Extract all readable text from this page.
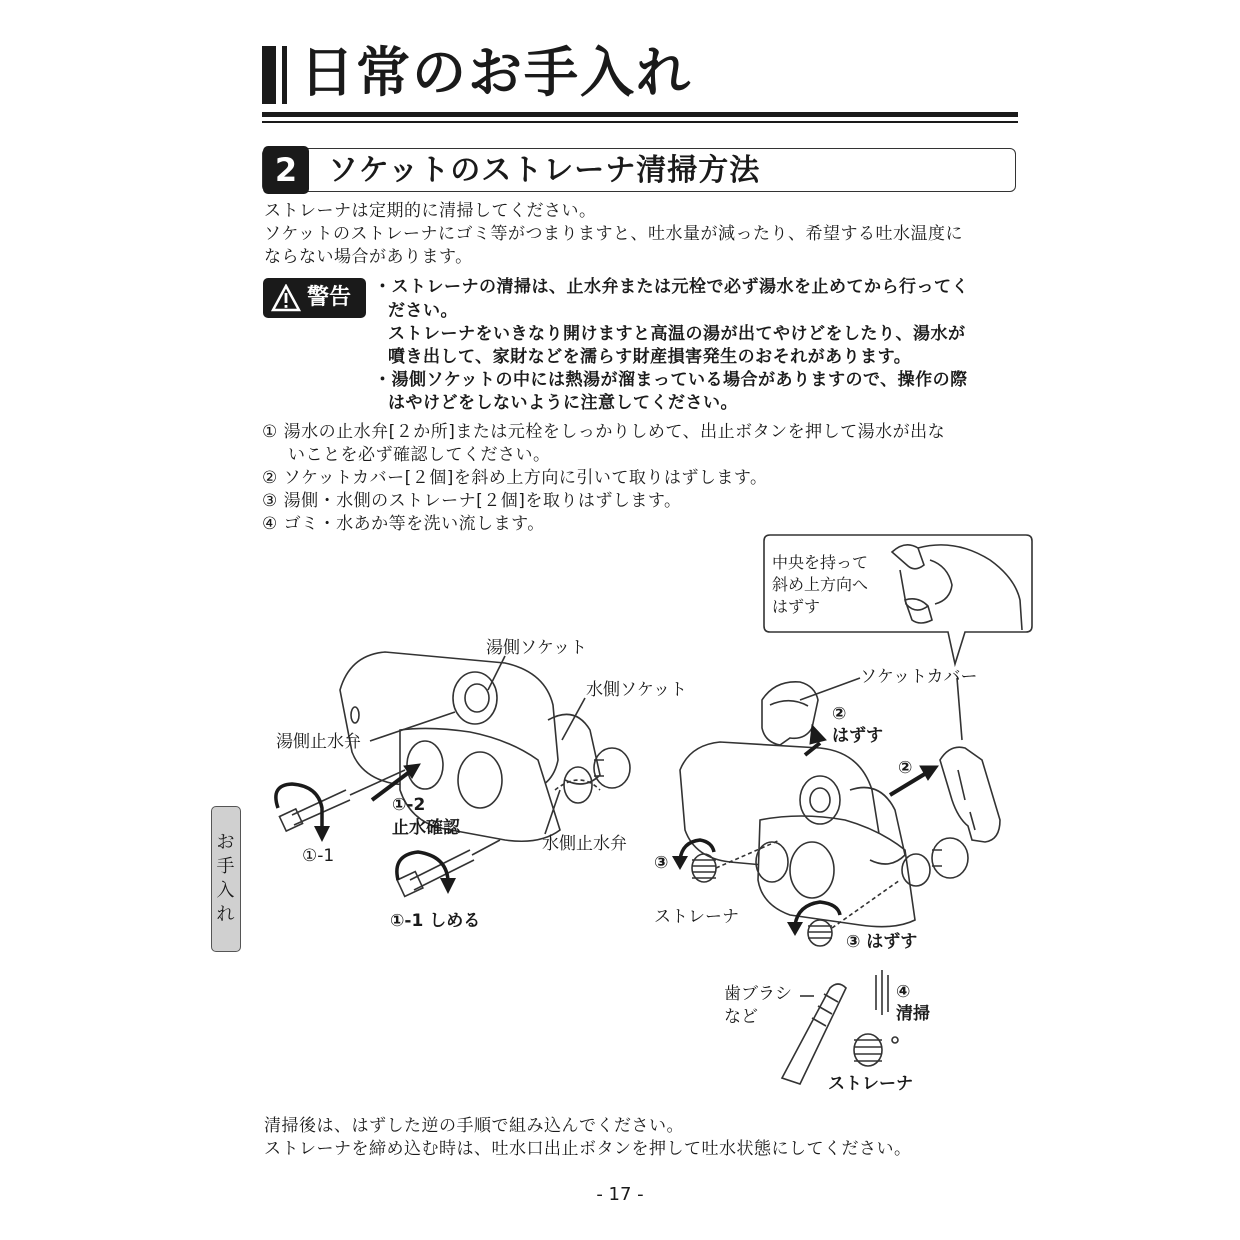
日常のお手入れ
2	ソケットのストレーナ清掃方法
ストレーナは定期的に清掃してください。
ソケットのストレーナにゴミ等がつまりますと、吐水量が減ったり、希望する吐水温度に
ならない場合があります。
警告 ・ストレーナの清掃は、止水弁または元栓で必ず湯水を止めてから行ってく
ださい。
ストレーナをいきなり開けますと高温の湯が出てやけどをしたり、湯水が
噴き出して、家財などを濡らす財産損害発生のおそれがあります。
・湯側ソケットの中には熱湯が溜まっている場合がありますので、操作の際
はやけどをしないように注意してください。
① 湯水の止水弁[２か所]または元栓をしっかりしめて、出止ボタンを押して湯水が出な
いことを必ず確認してください。
② ソケットカバー[２個]を斜め上方向に引いて取りはずします。
③ 湯側・水側のストレーナ[２個]を取りはずします。
④ ゴミ・水あか等を洗い流します。
中央を持って
斜め上方向へ
はずす
湯側ソケット
水側ソケット
湯側止水弁
①-2
止水確認
水側止水弁
①-1
①-1 しめる
ソケットカバー
②
はずす
②
③
ストレーナ
③ はずす
歯ブラシ
など
④
清掃
ストレーナ
お
手
入
れ
清掃後は、はずした逆の手順で組み込んでください。
ストレーナを締め込む時は、吐水口出止ボタンを押して吐水状態にしてください。
- 17 -
